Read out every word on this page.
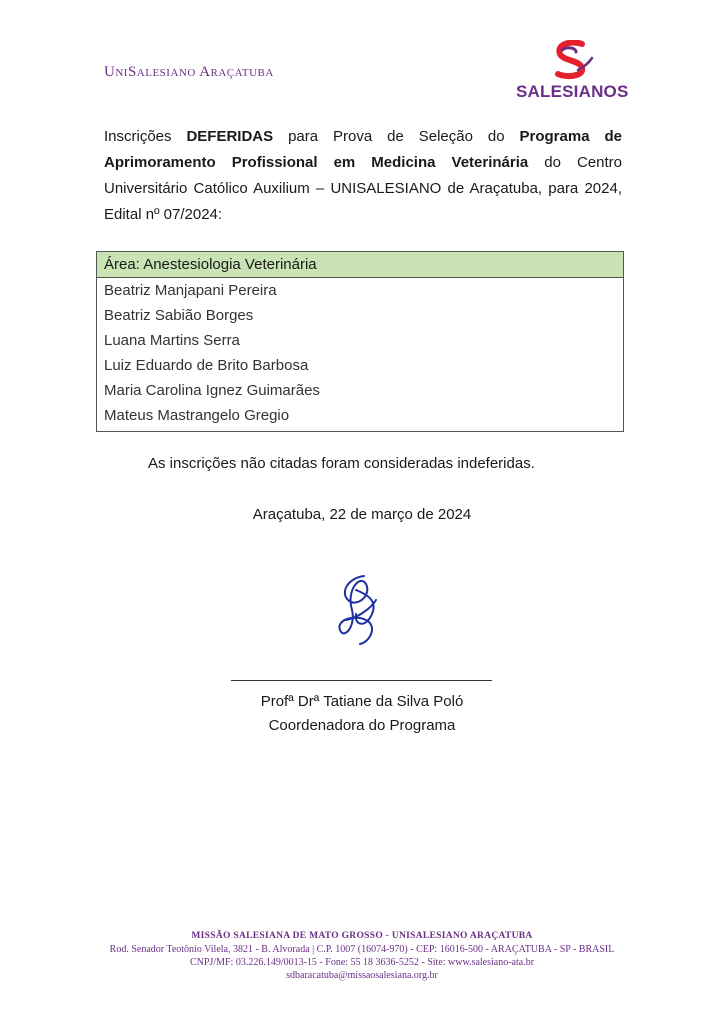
UniSalesiano Araçatuba
SALESIANOS
Inscrições DEFERIDAS para Prova de Seleção do Programa de Aprimoramento Profissional em Medicina Veterinária do Centro Universitário Católico Auxilium – UNISALESIANO de Araçatuba, para 2024, Edital nº 07/2024:
Área: Anestesiologia Veterinária
Beatriz Manjapani Pereira
Beatriz Sabião Borges
Luana Martins Serra
Luiz Eduardo de Brito Barbosa
Maria Carolina Ignez Guimarães
Mateus Mastrangelo Gregio
As inscrições não citadas foram consideradas indeferidas.
Araçatuba, 22 de março de 2024
Profª Drª Tatiane da Silva Poló
Coordenadora do Programa
MISSÃO SALESIANA DE MATO GROSSO - UNISALESIANO ARAÇATUBA
Rod. Senador Teotônio Vilela, 3821 - B. Alvorada | C.P. 1007 (16074-970) - CEP: 16016-500 - ARAÇATUBA - SP - BRASIL
CNPJ/MF: 03.226.149/0013-15 - Fone: 55 18 3636-5252 - Site: www.salesiano-ata.br
sdbaracatuba@missaosalesiana.org.br
